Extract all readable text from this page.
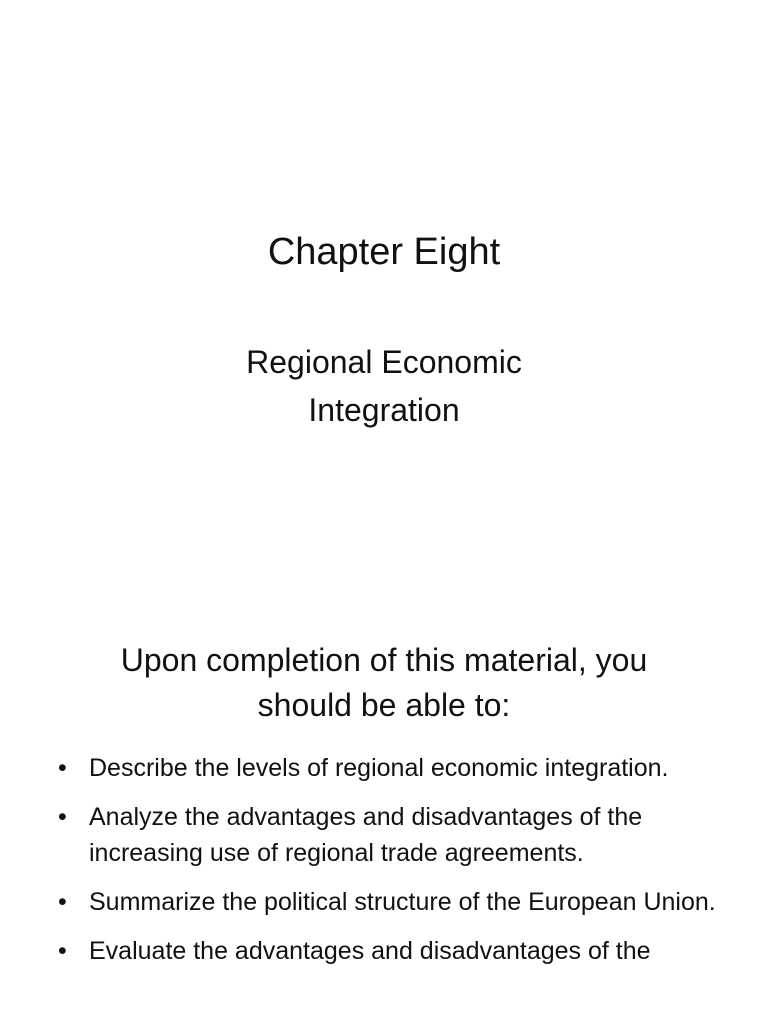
Chapter Eight
Regional Economic
Integration
Upon completion of this material, you
should be able to:
• Describe the levels of regional economic integration.
• Analyze the advantages and disadvantages of the increasing use of regional trade agreements.
• Summarize the political structure of the European Union.
• Evaluate the advantages and disadvantages of the
